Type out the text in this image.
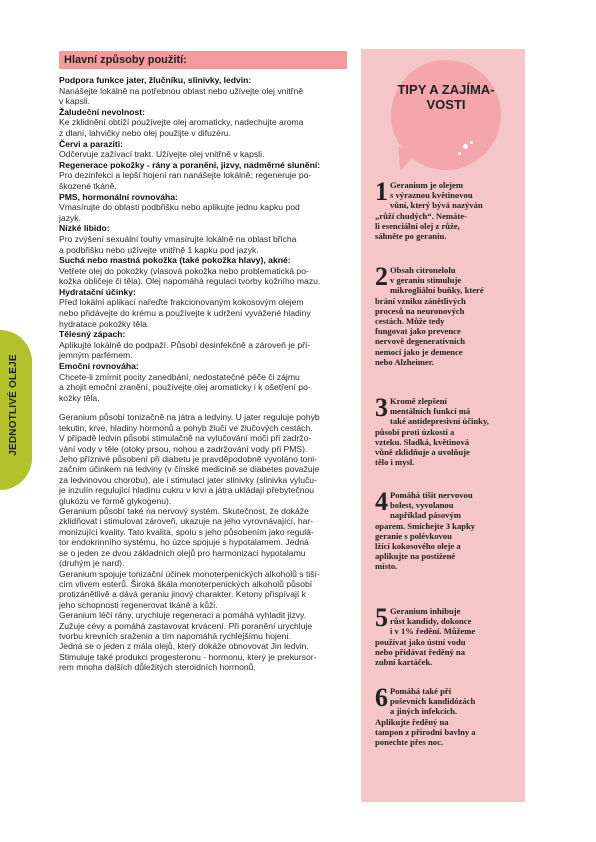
JEDNOTLIVÉ OLEJE
Hlavní způsoby použití:
Podpora funkce jater, žlučníku, slinivky, ledvin:
Nanášejte lokálně na potřebnou oblast nebo užívejte olej vnitřně
v kapsli.
Žaludeční nevolnost:
Ke zklidnění obtíží používejte olej aromaticky, nadechujte aroma
z dlaní, lahvičky nebo olej použijte v difuzéru.
Červi a paraziti:
Odčervuje zažívací trakt. Užívejte olej vnitřně v kapsli.
Regenerace pokožky - rány a poranění, jizvy, nadměrné slunění:
Pro dezinfekci a lepší hojení ran nanášejte lokálně; regeneruje po-
škozené tkáně.
PMS, hormonální rovnováha:
Vmasírujte do oblasti podbřišku nebo aplikujte jednu kapku pod
jazyk.
Nízké libido:
Pro zvýšení sexuální touhy vmasírujte lokálně na oblast břicha
a podbřišku nebo užívejte vnitřně 1 kapku pod jazyk.
Suchá nebo mastná pokožka (také pokožka hlavy), akné:
Vetřete olej do pokožky (vlasová pokožka nebo problematická po-
kožka obličeje či těla). Olej napomáhá regulaci tvorby kožního mazu.
Hydratační účinky:
Před lokální aplikací nařeďte frakcionovaným kokosovým olejem
nebo přidávejte do krému a používejte k udržení vyvážené hladiny
hydratace pokožky těla.
Tělesný zápach:
Aplikujte lokálně do podpaží. Působí desinfekčně a zároveň je pří-
jemným parfémem.
Emoční rovnováha:
Chcete-li zmírnit pocity zanedbání, nedostatečné péče či zájmu
a zhojit emoční zranění, používejte olej aromaticky i k ošetření po-
kožky těla.
Geranium působí tonizačně na játra a ledviny. U jater reguluje pohyb
tekutin, krve, hladiny hormonů a pohyb žlučí ve žlučových cestách.
V případě ledvin působí stimulačně na vylučování moči při zadržo-
vání vody v těle (otoky prsou, nohou a zadržování vody při PMS).
Jeho příznivé působení při diabetu je pravděpodobně vyvoláno toni-
začním účinkem na ledviny (v čínské medicíně se diabetes považuje
za ledvinovou chorobu), ale i stimulací jater slinivky (slinivka vyluču-
je inzulín regulující hladinu cukru v krvi a játra ukládají přebytečnou
glukózu ve formě glykogenu).
Geranium působí také na nervový systém. Skutečnost, že dokáže
zklidňovat i stimulovat zároveň, ukazuje na jeho vyrovnávající, har-
monizující kvality. Tato kvalita, spolu s jeho působením jako regulá-
tor endokrinního systému, ho úzce spojuje s hypotalamem. Jedná
se o jeden ze dvou základních olejů pro harmonizaci hypotalamu
(druhým je nard).
Geranium spojuje tonizační účinek monoterpenických alkoholů s tiší-
cím vlivem esterů. Široká škála monoterpenických alkoholů působí
protizánětlivě a dává geraniu jinový charakter. Ketony přispívají k
jeho schopnosti regenerovat tkáně a kůži.
Geranium léčí rány, urychluje regeneraci a pomáhá vyhladit jizvy.
Zužuje cévy a pomáhá zastavovat krvácení. Při poranění urychluje
tvorbu krevních sraženin a tím napomáhá rychlejšímu hojení.
Jedná se o jeden z mála olejů, který dokáže obnovovat Jin ledvin.
Stimuluje také produkci progesteronu - hormonu, který je prekursor-
rem mnoha dalších důležitých steroidních hormonů.
TIPY A ZAJÍMA-
VOSTI
1 Geranium je olejem
s výraznou květinovou
vůní, který bývá nazýván
„růží chudých“. Nemáte-
li esenciální olej z růže,
sáhněte po geraniu.
2 Obsah citronelolu
v geraniu stimuluje
mikrogliální buňky, které
brání vzniku zánětlivých
procesů na neuronových
cestách. Může tedy
fungovat jako prevence
nervově degenerativních
nemocí jako je demence
nebo Alzheimer.
3 Kromě zlepšení
mentálních funkcí má
také antidepresivní účinky,
působí proti úzkosti a
vzteku. Sladká, květinová
vůně zklidňuje a uvolňuje
tělo i mysl.
4 Pomáhá tišit nervovou
bolest, vyvolanou
například pásovým
oparem. Smíchejte 3 kapky
geranie s polévkovou
lžící kokosového oleje a
aplikujte na postižené
místo.
5 Geranium inhibuje
růst kandidy, dokonce
i v 1% ředění. Můžeme
používat jako ústní vodu
nebo přidávat ředěný na
zubní kartáček.
6 Pomáhá také při
poševních kandidózách
a jiných infekcích.
Aplikujte ředěný na
tampon z přírodní bavlny a
ponechte přes noc.
